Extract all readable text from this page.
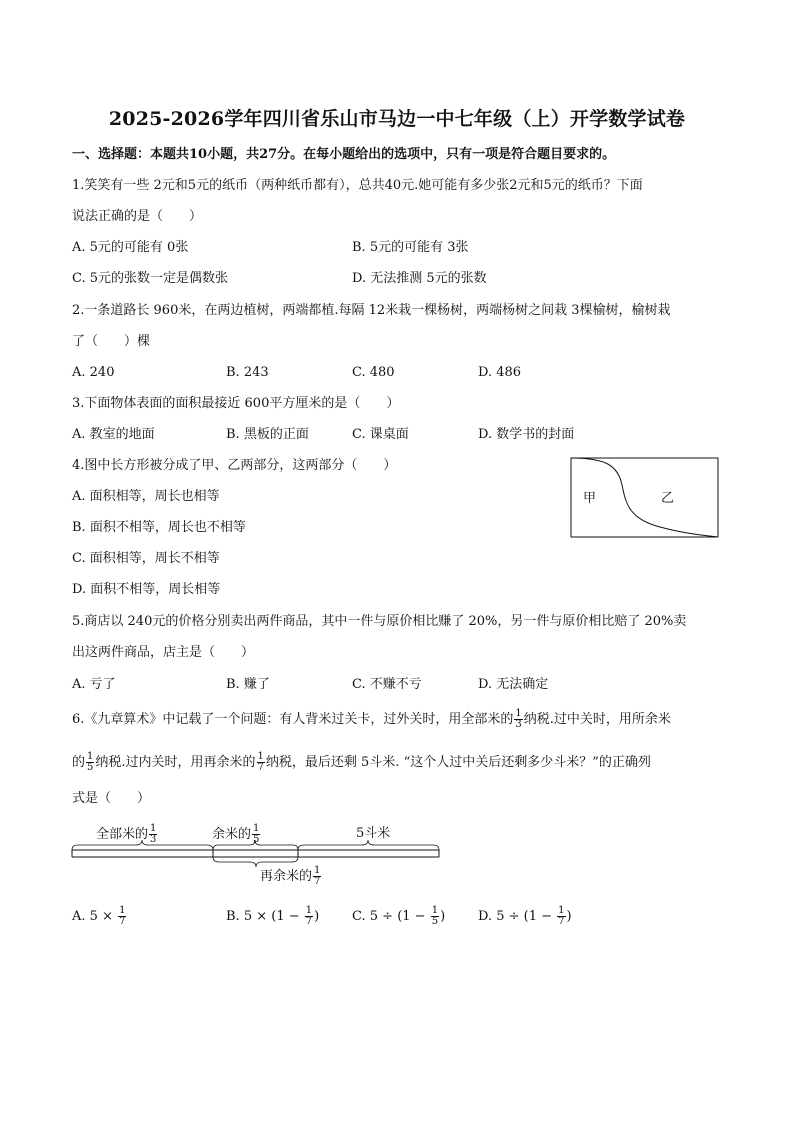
2025-2026学年四川省乐山市马边一中七年级（上）开学数学试卷
一、选择题：本题共10小题，共27分。在每小题给出的选项中，只有一项是符合题目要求的。
1.笑笑有一些 2元和5元的纸币（两种纸币都有），总共40元.她可能有多少张2元和5元的纸币？下面
说法正确的是（　　）
A. 5元的可能有 0张	B. 5元的可能有 3张
C. 5元的张数一定是偶数张	D. 无法推测 5元的张数
2.一条道路长 960米，在两边植树，两端都植.每隔 12米栽一棵杨树，两端杨树之间栽 3棵榆树，榆树栽
了（　　）棵
A. 240	B. 243	C. 480	D. 486
3.下面物体表面的面积最接近 600平方厘米的是（　　）
A. 教室的地面	B. 黑板的正面	C. 课桌面	D. 数学书的封面
4.图中长方形被分成了甲、乙两部分，这两部分（　　）
A. 面积相等，周长也相等
B. 面积不相等，周长也不相等
C. 面积相等，周长不相等
D. 面积不相等，周长相等
甲	乙
5.商店以 240元的价格分别卖出两件商品，其中一件与原价相比赚了 20%，另一件与原价相比赔了 20%卖
出这两件商品，店主是（　　）
A. 亏了	B. 赚了	C. 不赚不亏	D. 无法确定
6.《九章算术》中记载了一个问题：有人背米过关卡，过外关时，用全部米的 $\frac{1}{3}$ 纳税.过中关时，用所余米
的 $\frac{1}{5}$ 纳税.过内关时，用再余米的 $\frac{1}{7}$ 纳税，最后还剩 5斗米. “这个人过中关后还剩多少斗米？”的正确列
式是（　　）
全部米的 $\frac{1}{3}$	余米的 $\frac{1}{5}$	5斗米
再余米的 $\frac{1}{7}$
A.
5 ×
$\frac{1}{7}$	B.
5 × (1 −
$\frac{1}{7}$ )	C.
5 ÷ (1 −
$\frac{1}{5}$ )	D.
5 ÷ (1 −
$\frac{1}{7}$ )
